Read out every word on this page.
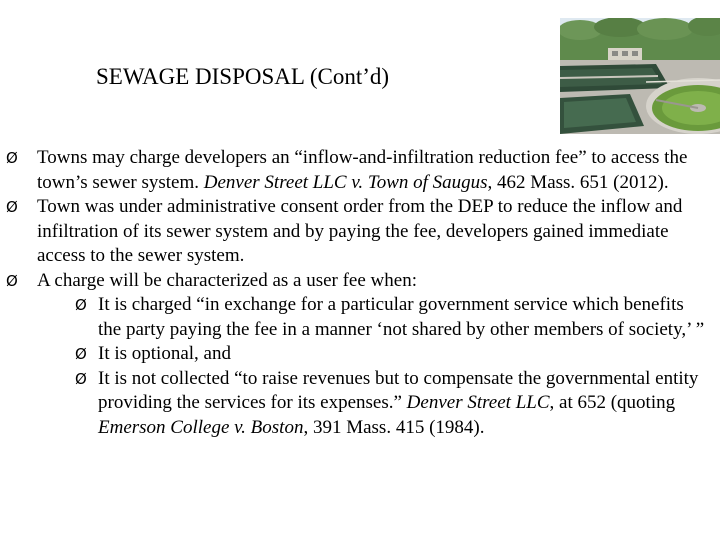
SEWAGE DISPOSAL (Cont’d)
Ø Towns may charge developers an “inflow-and-infiltration reduction fee” to access the town’s sewer system. Denver Street LLC v. Town of Saugus, 462 Mass. 651 (2012).
Ø Town was under administrative consent order from the DEP to reduce the inflow and infiltration of its sewer system and by paying the fee, developers gained immediate access to the sewer system.
Ø A charge will be characterized as a user fee when:
Ø It is charged “in exchange for a particular government service which benefits the party paying the fee in a manner ‘not shared by other members of society,’ ”
Ø It is optional, and
Ø It is not collected “to raise revenues but to compensate the governmental entity providing the services for its expenses.” Denver Street LLC, at 652 (quoting Emerson College v. Boston, 391 Mass. 415 (1984).
